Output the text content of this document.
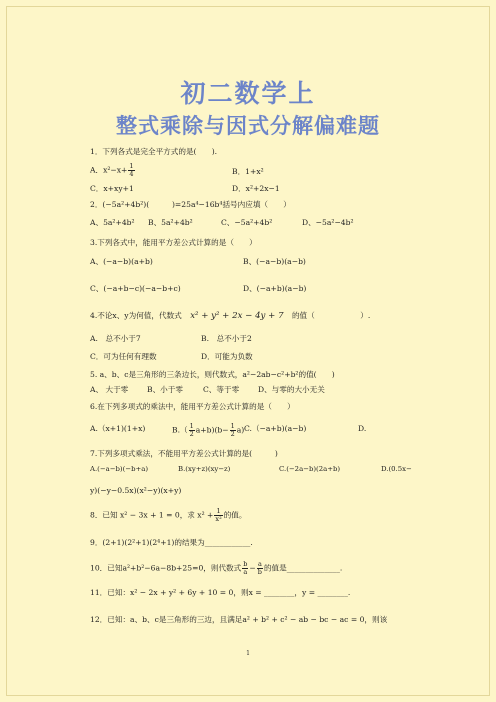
初二数学上
整式乘除与因式分解偏难题
1．下列各式是完全平方式的是(　　).
A．$x^2-x+ \frac{1}{4}$	B．1+x²
C．x+xy+1	D．x²+2x−1
2．(−5a²+4b²)(　　　)=25a⁴−16b⁴括号内应填（　　）
A、5a²+4b² B、5a²+4b²	C、−5a²+4b²	D、−5a²−4b²
3.下列各式中，能用平方差公式计算的是（　　）
A、(−a−b)(a+b)	B、(−a−b)(a−b)
C、(−a+b−c)(−a−b+c)	D、(−a+b)(a−b)
4.不论x、y为何值，代数式 x² + y² + 2x − 4y + 7 的值（　　　　　　）.
A.　总不小于7	B.　总不小于2
C．可为任何有理数	D．可能为负数
5. a、b、c是三角形的三条边长，则代数式，a²−2ab−c²+b²的值(　　)
A、 大于零 B、小于零	C、等于零 D、与零的大小无关
6.在下列多项式的乘法中，能用平方差公式计算的是（　　）
A.（x+1)(1+x)	$B.( \frac{1}{2} a+b)(b- \frac{1}{2} a)$ C.（−a+b)(a−b)	D.
7.下列多项式乘法，不能用平方差公式计算的是(　　　)
A.(−a−b)(−b+a)	B.(xy+z)(xy−z)	C.(−2a−b)(2a+b)	D.(0.5x−
y)(−y−0.5x)(x²−y)(x+y)
8．已知 x² − 3x + 1 = 0，求 $x^2 + \frac{1}{\text{x²}}$ 的值。
9．(2+1)(2²+1)(2⁴+1)的结果为____________.
10．已知a²+b²−6a−8b+25=0，则代数式 $\frac{b}{a} - \frac{a}{b}$ 的值是______________.
11．已知：x² − 2x + y² + 6y + 10 = 0，则x = ________，y = ________.
12．已知：a、b、c是三角形的三边，且满足a² + b² + c² − ab − bc − ac = 0，则该
1
